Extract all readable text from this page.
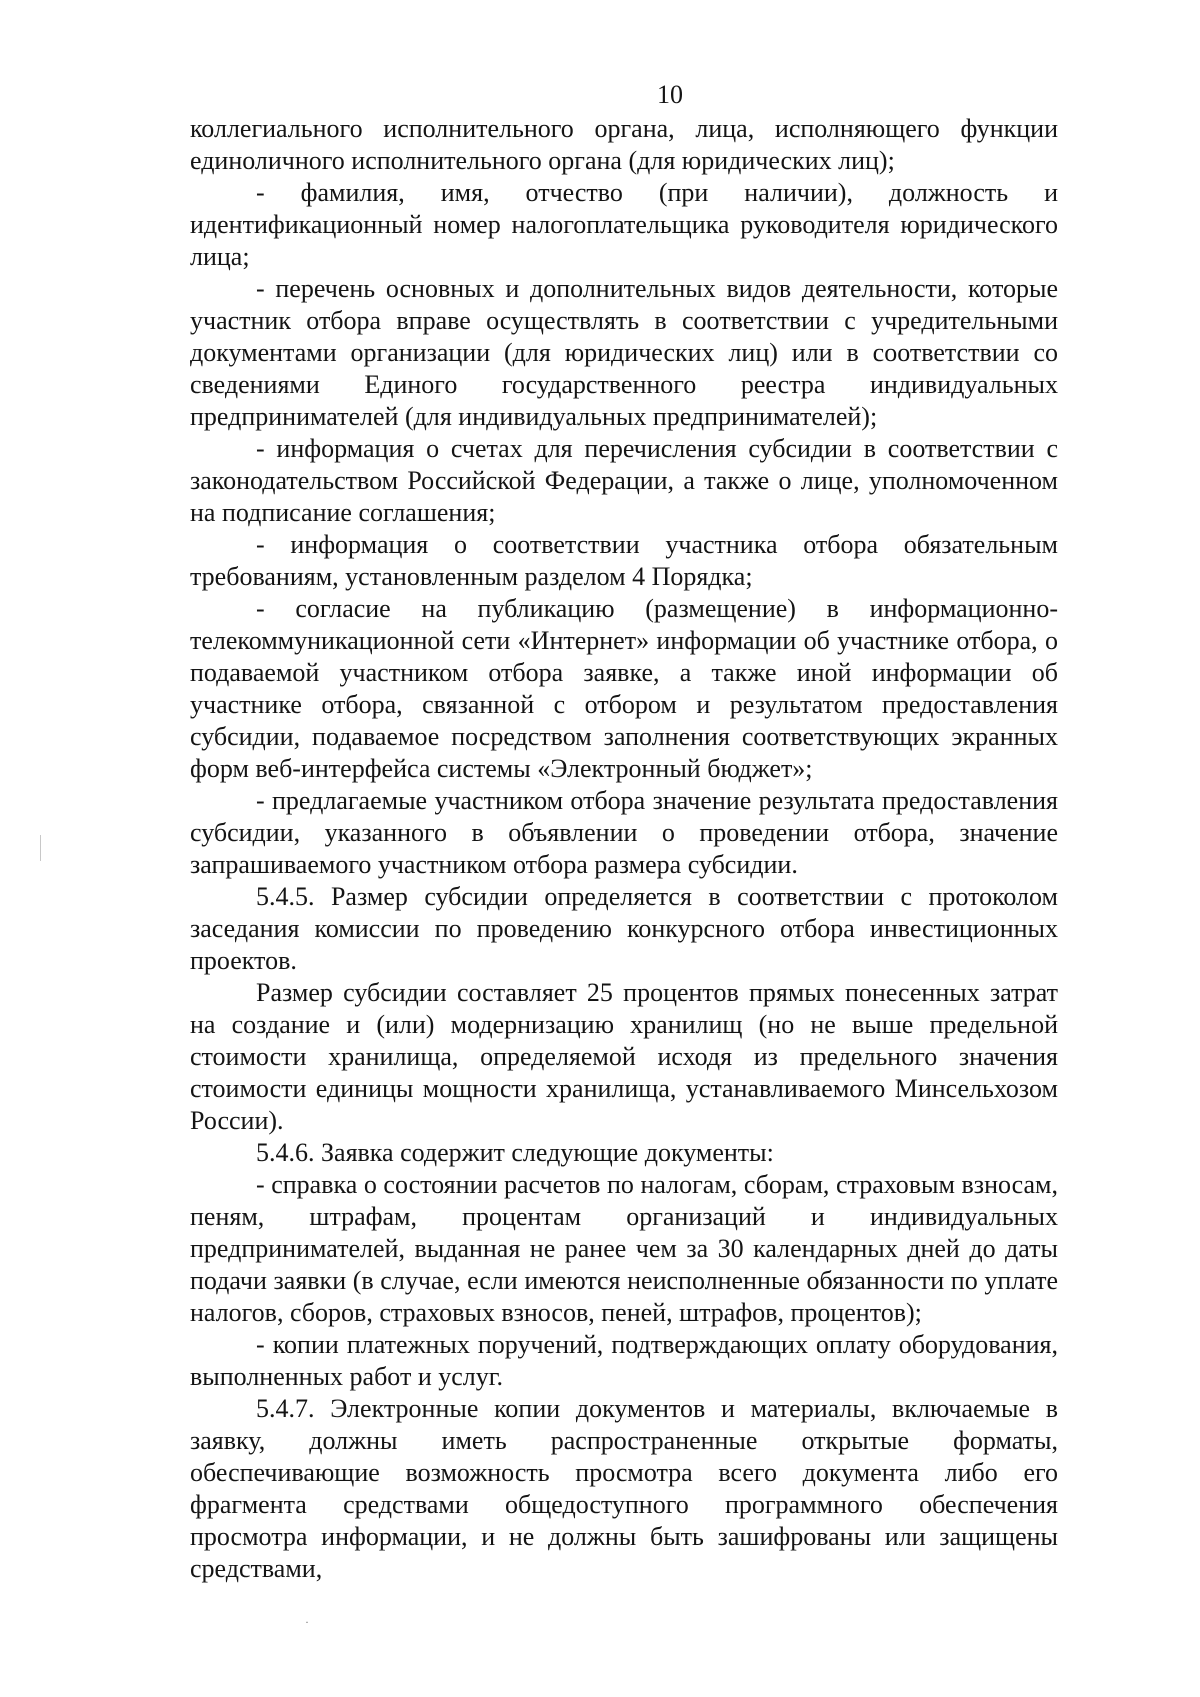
10

коллегиального исполнительного органа, лица, исполняющего функции единоличного исполнительного органа (для юридических лиц);

- фамилия, имя, отчество (при наличии), должность и идентификационный номер налогоплательщика руководителя юридического лица;

- перечень основных и дополнительных видов деятельности, которые участник отбора вправе осуществлять в соответствии с учредительными документами организации (для юридических лиц) или в соответствии со сведениями Единого государственного реестра индивидуальных предпринимателей (для индивидуальных предпринимателей);

- информация о счетах для перечисления субсидии в соответствии с законодательством Российской Федерации, а также о лице, уполномоченном на подписание соглашения;

- информация о соответствии участника отбора обязательным требованиям, установленным разделом 4 Порядка;

- согласие на публикацию (размещение) в информационно-телекоммуникационной сети «Интернет» информации об участнике отбора, о подаваемой участником отбора заявке, а также иной информации об участнике отбора, связанной с отбором и результатом предоставления субсидии, подаваемое посредством заполнения соответствующих экранных форм веб-интерфейса системы «Электронный бюджет»;

- предлагаемые участником отбора значение результата предоставления субсидии, указанного в объявлении о проведении отбора, значение запрашиваемого участником отбора размера субсидии.

5.4.5. Размер субсидии определяется в соответствии с протоколом заседания комиссии по проведению конкурсного отбора инвестиционных проектов.

Размер субсидии составляет 25 процентов прямых понесенных затрат на создание и (или) модернизацию хранилищ (но не выше предельной стоимости хранилища, определяемой исходя из предельного значения стоимости единицы мощности хранилища, устанавливаемого Минсельхозом России).

5.4.6. Заявка содержит следующие документы:

- справка о состоянии расчетов по налогам, сборам, страховым взносам, пеням, штрафам, процентам организаций и индивидуальных предпринимателей, выданная не ранее чем за 30 календарных дней до даты подачи заявки (в случае, если имеются неисполненные обязанности по уплате налогов, сборов, страховых взносов, пеней, штрафов, процентов);

- копии платежных поручений, подтверждающих оплату оборудования, выполненных работ и услуг.

5.4.7. Электронные копии документов и материалы, включаемые в заявку, должны иметь распространенные открытые форматы, обеспечивающие возможность просмотра всего документа либо его фрагмента средствами общедоступного программного обеспечения просмотра информации, и не должны быть зашифрованы или защищены средствами,

·
